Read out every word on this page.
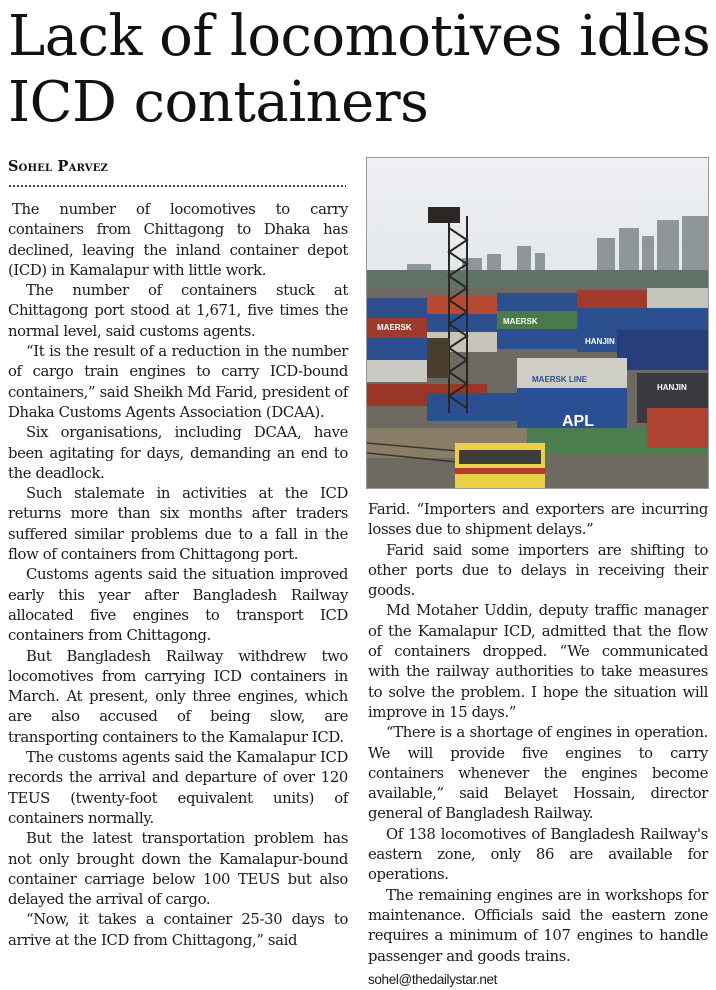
Lack of locomotives idles ICD containers
Sohel Parvez
MAERSK
HANJIN
APL
MAERSK LINE
HANJIN
MAERSK

The number of locomotives to carry containers from Chittagong to Dhaka has declined, leaving the inland container depot (ICD) in Kamalapur with little work.

The number of containers stuck at Chittagong port stood at 1,671, five times the normal level, said customs agents.

“It is the result of a reduction in the number of cargo train engines to carry ICD-bound containers,” said Sheikh Md Farid, president of Dhaka Customs Agents Association (DCAA).

Six organisations, including DCAA, have been agitating for days, demanding an end to the deadlock.

Such stalemate in activities at the ICD returns more than six months after traders suffered similar problems due to a fall in the flow of containers from Chittagong port.

Customs agents said the situation improved early this year after Bangladesh Railway allocated five engines to transport ICD containers from Chittagong.

But Bangladesh Railway withdrew two locomotives from carrying ICD containers in March. At present, only three engines, which are also accused of being slow, are transporting containers to the Kamalapur ICD.

The customs agents said the Kamalapur ICD records the arrival and departure of over 120 TEUS (twenty-foot equivalent units) of containers normally.

But the latest transportation problem has not only brought down the Kamalapur-bound container carriage below 100 TEUS but also delayed the arrival of cargo.

“Now, it takes a container 25-30 days to arrive at the ICD from Chittagong,” said

Farid. “Importers and exporters are incurring losses due to shipment delays.”

Farid said some importers are shifting to other ports due to delays in receiving their goods.

Md Motaher Uddin, deputy traffic manager of the Kamalapur ICD, admitted that the flow of containers dropped. “We communicated with the railway authorities to take measures to solve the problem. I hope the situation will improve in 15 days.”

“There is a shortage of engines in operation. We will provide five engines to carry containers whenever the engines become available,” said Belayet Hossain, director general of Bangladesh Railway.

Of 138 locomotives of Bangladesh Railway's eastern zone, only 86 are available for operations.

The remaining engines are in workshops for maintenance. Officials said the eastern zone requires a minimum of 107 engines to handle passenger and goods trains.

sohel@thedailystar.net
